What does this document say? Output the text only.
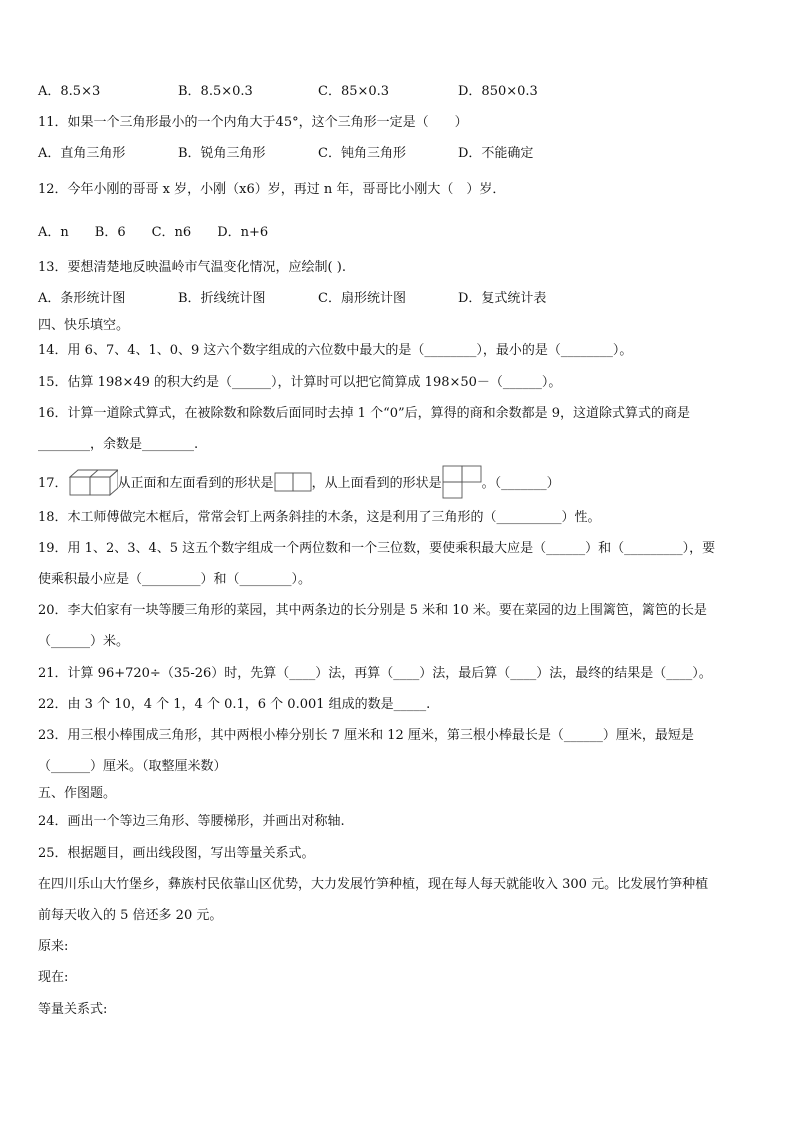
A．8.5×3	B．8.5×0.3	C．85×0.3	D．850×0.3
11．如果一个三角形最小的一个内角大于45°，这个三角形一定是（　　）
A．直角三角形	B．锐角三角形	C．钝角三角形	D．不能确定
12．今年小刚的哥哥 x 岁，小刚（x6）岁，再过 n 年，哥哥比小刚大（　）岁．
A．n B．6 C．n6 D．n+6
13．要想清楚地反映温岭市气温变化情况，应绘制( ).
A．条形统计图	B．折线统计图	C．扇形统计图	D．复式统计表
四、快乐填空。
14．用 6、7、4、1、0、9 这六个数字组成的六位数中最大的是（________），最小的是（________）。
15．估算 198×49 的积大约是（______），计算时可以把它简算成 198×50－（______）。
16．计算一道除式算式，在被除数和除数后面同时去掉 1 个“0”后，算得的商和余数都是 9，这道除式算式的商是
________，余数是________.
17．	从正面和左面看到的形状是	，从上面看到的形状是	。（_______）
18．木工师傅做完木框后，常常会钉上两条斜挂的木条，这是利用了三角形的（__________）性。
19．用 1、2、3、4、5 这五个数字组成一个两位数和一个三位数，要使乘积最大应是（______）和（_________），要
使乘积最小应是（_________）和（________）。
20．李大伯家有一块等腰三角形的菜园，其中两条边的长分别是 5 米和 10 米。要在菜园的边上围篱笆，篱笆的长是
（______）米。
21．计算 96+720÷（35-26）时，先算（____）法，再算（____）法，最后算（____）法，最终的结果是（____）。
22．由 3 个 10，4 个 1，4 个 0.1，6 个 0.001 组成的数是_____.
23．用三根小棒围成三角形，其中两根小棒分别长 7 厘米和 12 厘米，第三根小棒最长是（______）厘米，最短是
（______）厘米。（取整厘米数）
五、作图题。
24．画出一个等边三角形、等腰梯形，并画出对称轴.
25．根据题目，画出线段图，写出等量关系式。
在四川乐山大竹堡乡，彝族村民依靠山区优势，大力发展竹笋种植，现在每人每天就能收入 300 元。比发展竹笋种植
前每天收入的 5 倍还多 20 元。
原来:
现在:
等量关系式:
